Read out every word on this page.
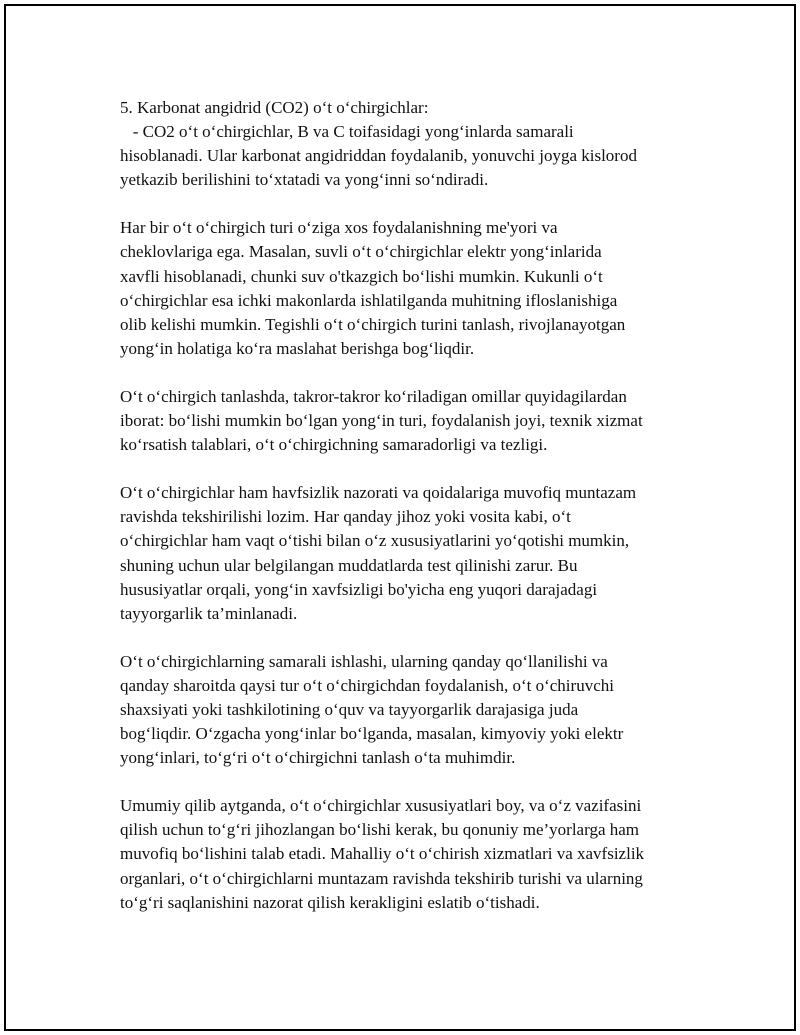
5. Karbonat angidrid (CO2) o‘t o‘chirgichlar:
- CO2 o‘t o‘chirgichlar, B va C toifasidagi yong‘inlarda samarali
hisoblanadi. Ular karbonat angidriddan foydalanib, yonuvchi joyga kislorod
yetkazib berilishini to‘xtatadi va yong‘inni so‘ndiradi.

Har bir o‘t o‘chirgich turi o‘ziga xos foydalanishning me'yori va
cheklovlariga ega. Masalan, suvli o‘t o‘chirgichlar elektr yong‘inlarida
xavfli hisoblanadi, chunki suv o'tkazgich bo‘lishi mumkin. Kukunli o‘t
o‘chirgichlar esa ichki makonlarda ishlatilganda muhitning ifloslanishiga
olib kelishi mumkin. Tegishli o‘t o‘chirgich turini tanlash, rivojlanayotgan
yong‘in holatiga ko‘ra maslahat berishga bog‘liqdir.

O‘t o‘chirgich tanlashda, takror-takror ko‘riladigan omillar quyidagilardan
iborat: bo‘lishi mumkin bo‘lgan yong‘in turi, foydalanish joyi, texnik xizmat
ko‘rsatish talablari, o‘t o‘chirgichning samaradorligi va tezligi.

O‘t o‘chirgichlar ham havfsizlik nazorati va qoidalariga muvofiq muntazam
ravishda tekshirilishi lozim. Har qanday jihoz yoki vosita kabi, o‘t
o‘chirgichlar ham vaqt o‘tishi bilan o‘z xususiyatlarini yo‘qotishi mumkin,
shuning uchun ular belgilangan muddatlarda test qilinishi zarur. Bu
hususiyatlar orqali, yong‘in xavfsizligi bo'yicha eng yuqori darajadagi
tayyorgarlik ta’minlanadi.

O‘t o‘chirgichlarning samarali ishlashi, ularning qanday qo‘llanilishi va
qanday sharoitda qaysi tur o‘t o‘chirgichdan foydalanish, o‘t o‘chiruvchi
shaxsiyati yoki tashkilotining o‘quv va tayyorgarlik darajasiga juda
bog‘liqdir. O‘zgacha yong‘inlar bo‘lganda, masalan, kimyoviy yoki elektr
yong‘inlari, to‘g‘ri o‘t o‘chirgichni tanlash o‘ta muhimdir.

Umumiy qilib aytganda, o‘t o‘chirgichlar xususiyatlari boy, va o‘z vazifasini
qilish uchun to‘g‘ri jihozlangan bo‘lishi kerak, bu qonuniy me’yorlarga ham
muvofiq bo‘lishini talab etadi. Mahalliy o‘t o‘chirish xizmatlari va xavfsizlik
organlari, o‘t o‘chirgichlarni muntazam ravishda tekshirib turishi va ularning
to‘g‘ri saqlanishini nazorat qilish kerakligini eslatib o‘tishadi.
